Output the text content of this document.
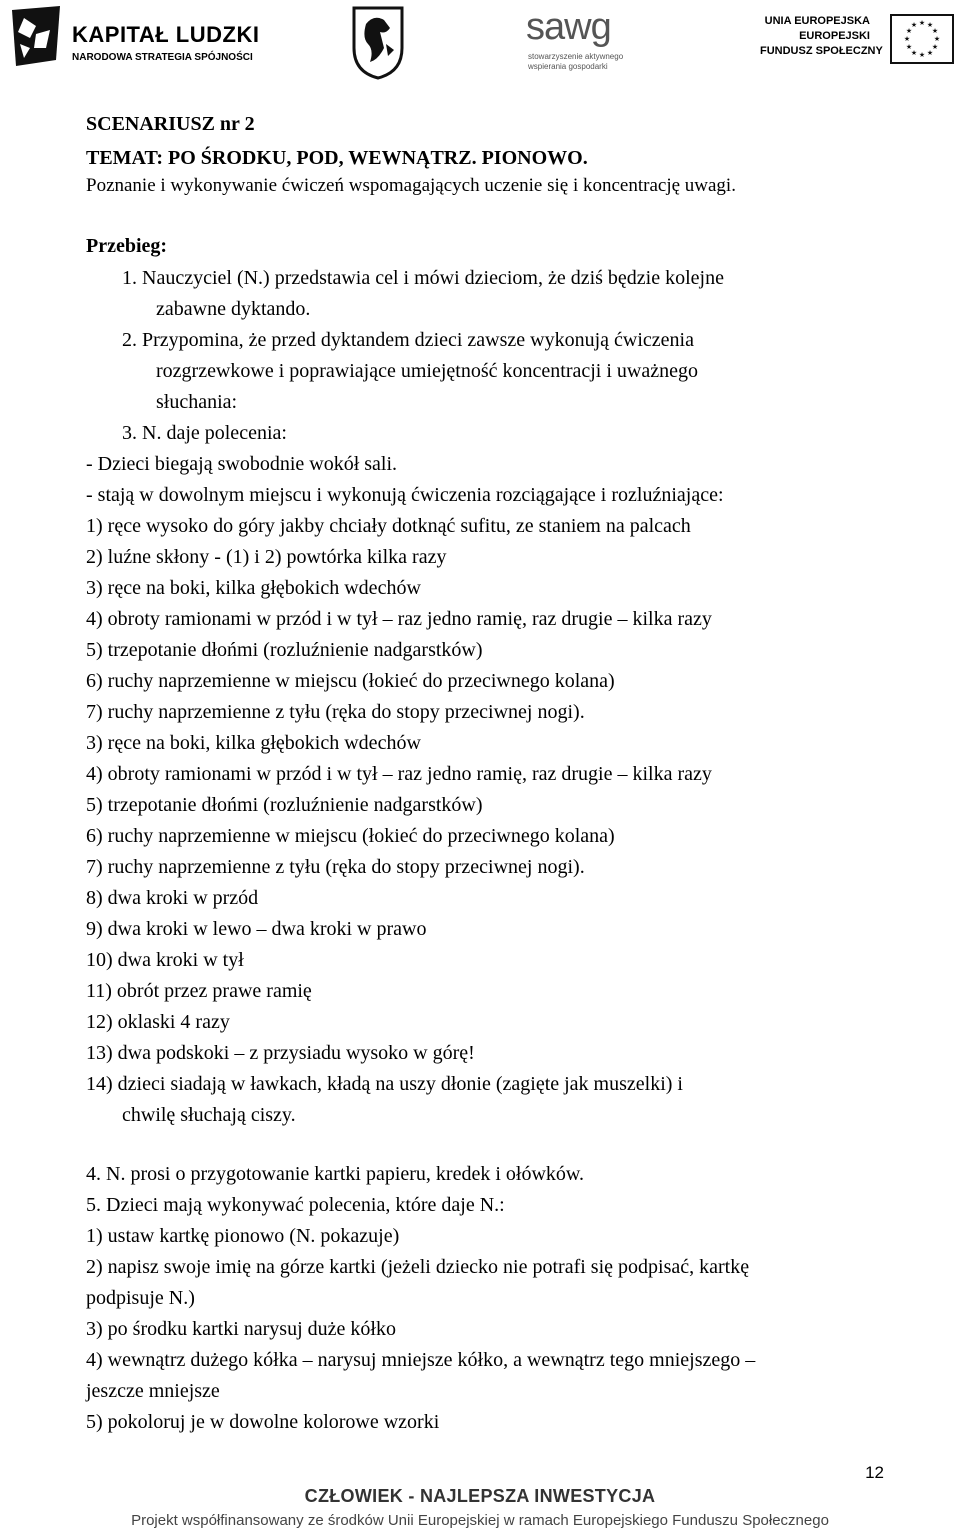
KAPITAŁ LUDZKI
NARODOWA STRATEGIA SPÓJNOŚCI
sawg
stowarzyszenie aktywnego
wspierania gospodarki
UNIA EUROPEJSKA
EUROPEJSKI
FUNDUSZ SPOŁECZNY
★ ★
★
★
★
★
★
★
★
★
★
★
SCENARIUSZ nr 2
TEMAT: PO ŚRODKU, POD, WEWNĄTRZ. PIONOWO.
Poznanie i wykonywanie ćwiczeń wspomagających uczenie się i koncentrację uwagi.
Przebieg:
1. Nauczyciel (N.) przedstawia cel i mówi dzieciom, że dziś będzie kolejne
zabawne dyktando.
2. Przypomina, że przed dyktandem dzieci zawsze wykonują ćwiczenia
rozgrzewkowe i poprawiające umiejętność koncentracji i uważnego
słuchania:
3. N. daje polecenia:
- Dzieci biegają swobodnie wokół sali.
- stają w dowolnym miejscu i wykonują ćwiczenia rozciągające i rozluźniające:
1) ręce wysoko do góry jakby chciały dotknąć sufitu, ze staniem na palcach
2) luźne skłony - (1) i 2) powtórka kilka razy
3) ręce na boki, kilka głębokich wdechów
4) obroty ramionami w przód i w tył – raz jedno ramię, raz drugie – kilka razy
5) trzepotanie dłońmi (rozluźnienie nadgarstków)
6) ruchy naprzemienne w miejscu (łokieć do przeciwnego kolana)
7) ruchy naprzemienne z tyłu (ręka do stopy przeciwnej nogi).
3) ręce na boki, kilka głębokich wdechów
4) obroty ramionami w przód i w tył – raz jedno ramię, raz drugie – kilka razy
5) trzepotanie dłońmi (rozluźnienie nadgarstków)
6) ruchy naprzemienne w miejscu (łokieć do przeciwnego kolana)
7) ruchy naprzemienne z tyłu (ręka do stopy przeciwnej nogi).
8) dwa kroki w przód
9) dwa kroki w lewo – dwa kroki w prawo
10) dwa kroki w tył
11) obrót przez prawe ramię
12) oklaski 4 razy
13) dwa podskoki – z przysiadu wysoko w górę!
14) dzieci siadają w ławkach, kładą na uszy dłonie (zagięte jak muszelki) i
chwilę słuchają ciszy.
4. N. prosi o przygotowanie kartki papieru, kredek i ołówków.
5. Dzieci mają wykonywać polecenia, które daje N.:
1) ustaw kartkę pionowo (N. pokazuje)
2) napisz swoje imię na górze kartki (jeżeli dziecko nie potrafi się podpisać, kartkę
podpisuje N.)
3) po środku kartki narysuj duże kółko
4) wewnątrz dużego kółka – narysuj mniejsze kółko, a wewnątrz tego mniejszego –
jeszcze mniejsze
5) pokoloruj je w dowolne kolorowe wzorki
12
CZŁOWIEK - NAJLEPSZA INWESTYCJA
Projekt współfinansowany ze środków Unii Europejskiej w ramach Europejskiego Funduszu Społecznego
